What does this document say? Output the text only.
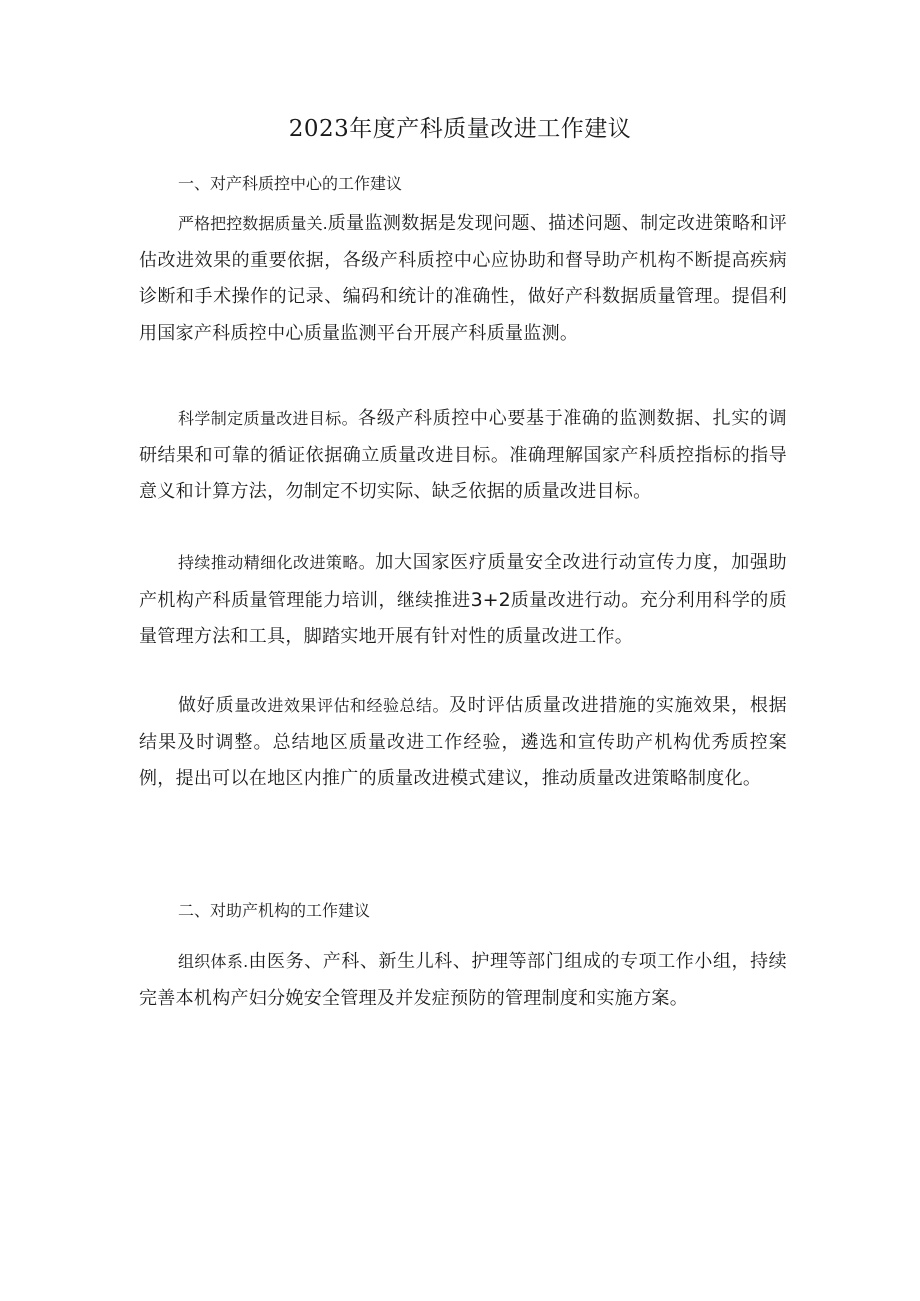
2023年度产科质量改进工作建议
一、对产科质控中心的工作建议

严格把控数据质量关.质量监测数据是发现问题、描述问题、制定改进策略和评估改进效果的重要依据，各级产科质控中心应协助和督导助产机构不断提高疾病诊断和手术操作的记录、编码和统计的准确性，做好产科数据质量管理。提倡利用国家产科质控中心质量监测平台开展产科质量监测。

科学制定质量改进目标。各级产科质控中心要基于准确的监测数据、扎实的调研结果和可靠的循证依据确立质量改进目标。准确理解国家产科质控指标的指导意义和计算方法，勿制定不切实际、缺乏依据的质量改进目标。

持续推动精细化改进策略。加大国家医疗质量安全改进行动宣传力度，加强助产机构产科质量管理能力培训，继续推进3+2质量改进行动。充分利用科学的质量管理方法和工具，脚踏实地开展有针对性的质量改进工作。

做好质量改进效果评估和经验总结。及时评估质量改进措施的实施效果，根据结果及时调整。总结地区质量改进工作经验，遴选和宣传助产机构优秀质控案例，提出可以在地区内推广的质量改进模式建议，推动质量改进策略制度化。

二、对助产机构的工作建议

组织体系.由医务、产科、新生儿科、护理等部门组成的专项工作小组，持续完善本机构产妇分娩安全管理及并发症预防的管理制度和实施方案。
